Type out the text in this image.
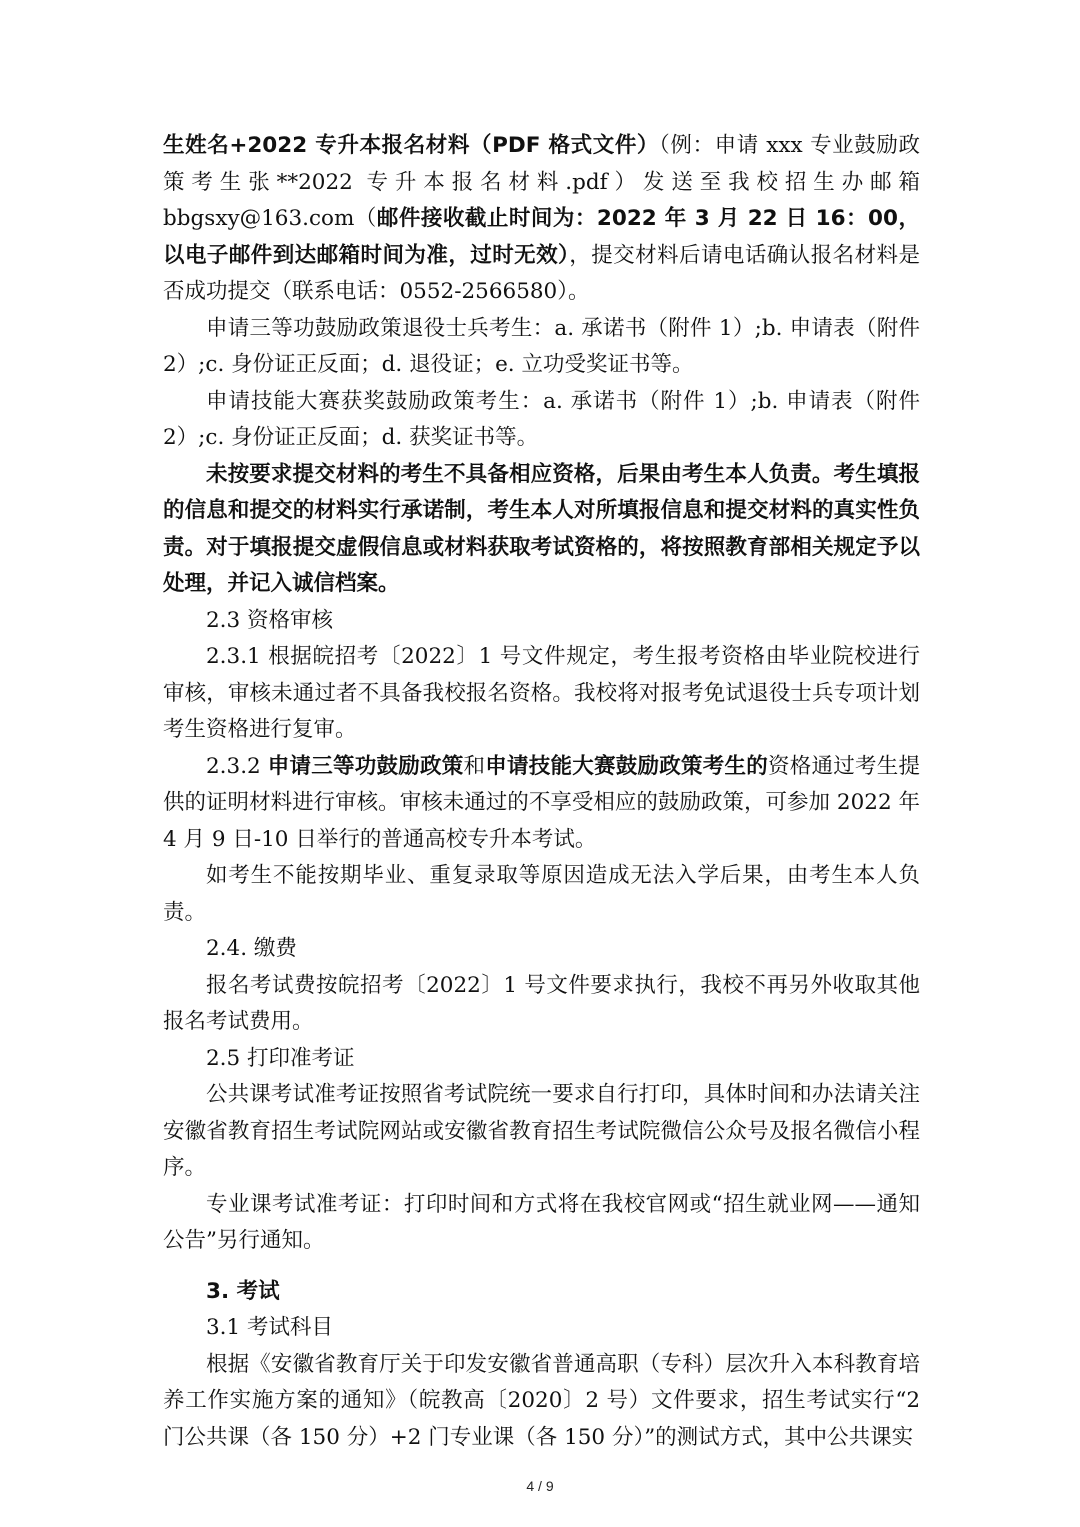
生姓名+2022 专升本报名材料（PDF 格式文件）（例：申请 xxx 专业鼓励政策考生张**2022 专升本报名材料.pdf）发送至我校招生办邮箱 bbgsxy@163.com（邮件接收截止时间为：2022 年 3 月 22 日 16：00，以电子邮件到达邮箱时间为准，过时无效），提交材料后请电话确认报名材料是否成功提交（联系电话：0552-2566580）。

申请三等功鼓励政策退役士兵考生：a. 承诺书（附件 1）;b. 申请表（附件 2）;c. 身份证正反面；d. 退役证；e. 立功受奖证书等。

申请技能大赛获奖鼓励政策考生：a. 承诺书（附件 1）;b. 申请表（附件 2）;c. 身份证正反面；d. 获奖证书等。

未按要求提交材料的考生不具备相应资格，后果由考生本人负责。考生填报的信息和提交的材料实行承诺制，考生本人对所填报信息和提交材料的真实性负责。对于填报提交虚假信息或材料获取考试资格的，将按照教育部相关规定予以处理，并记入诚信档案。

2.3 资格审核

2.3.1 根据皖招考〔2022〕1 号文件规定，考生报考资格由毕业院校进行审核，审核未通过者不具备我校报名资格。我校将对报考免试退役士兵专项计划考生资格进行复审。

2.3.2 申请三等功鼓励政策和申请技能大赛鼓励政策考生的资格通过考生提供的证明材料进行审核。审核未通过的不享受相应的鼓励政策，可参加 2022 年 4 月 9 日-10 日举行的普通高校专升本考试。

如考生不能按期毕业、重复录取等原因造成无法入学后果，由考生本人负责。

2.4. 缴费

报名考试费按皖招考〔2022〕1 号文件要求执行，我校不再另外收取其他报名考试费用。

2.5 打印准考证

公共课考试准考证按照省考试院统一要求自行打印，具体时间和办法请关注安徽省教育招生考试院网站或安徽省教育招生考试院微信公众号及报名微信小程序。

专业课考试准考证：打印时间和方式将在我校官网或“招生就业网——通知公告”另行通知。

3. 考试

3.1 考试科目

根据《安徽省教育厅关于印发安徽省普通高职（专科）层次升入本科教育培养工作实施方案的通知》（皖教高〔2020〕2 号）文件要求，招生考试实行“2 门公共课（各 150 分）+2 门专业课（各 150 分）”的测试方式，其中公共课实

4 / 9
